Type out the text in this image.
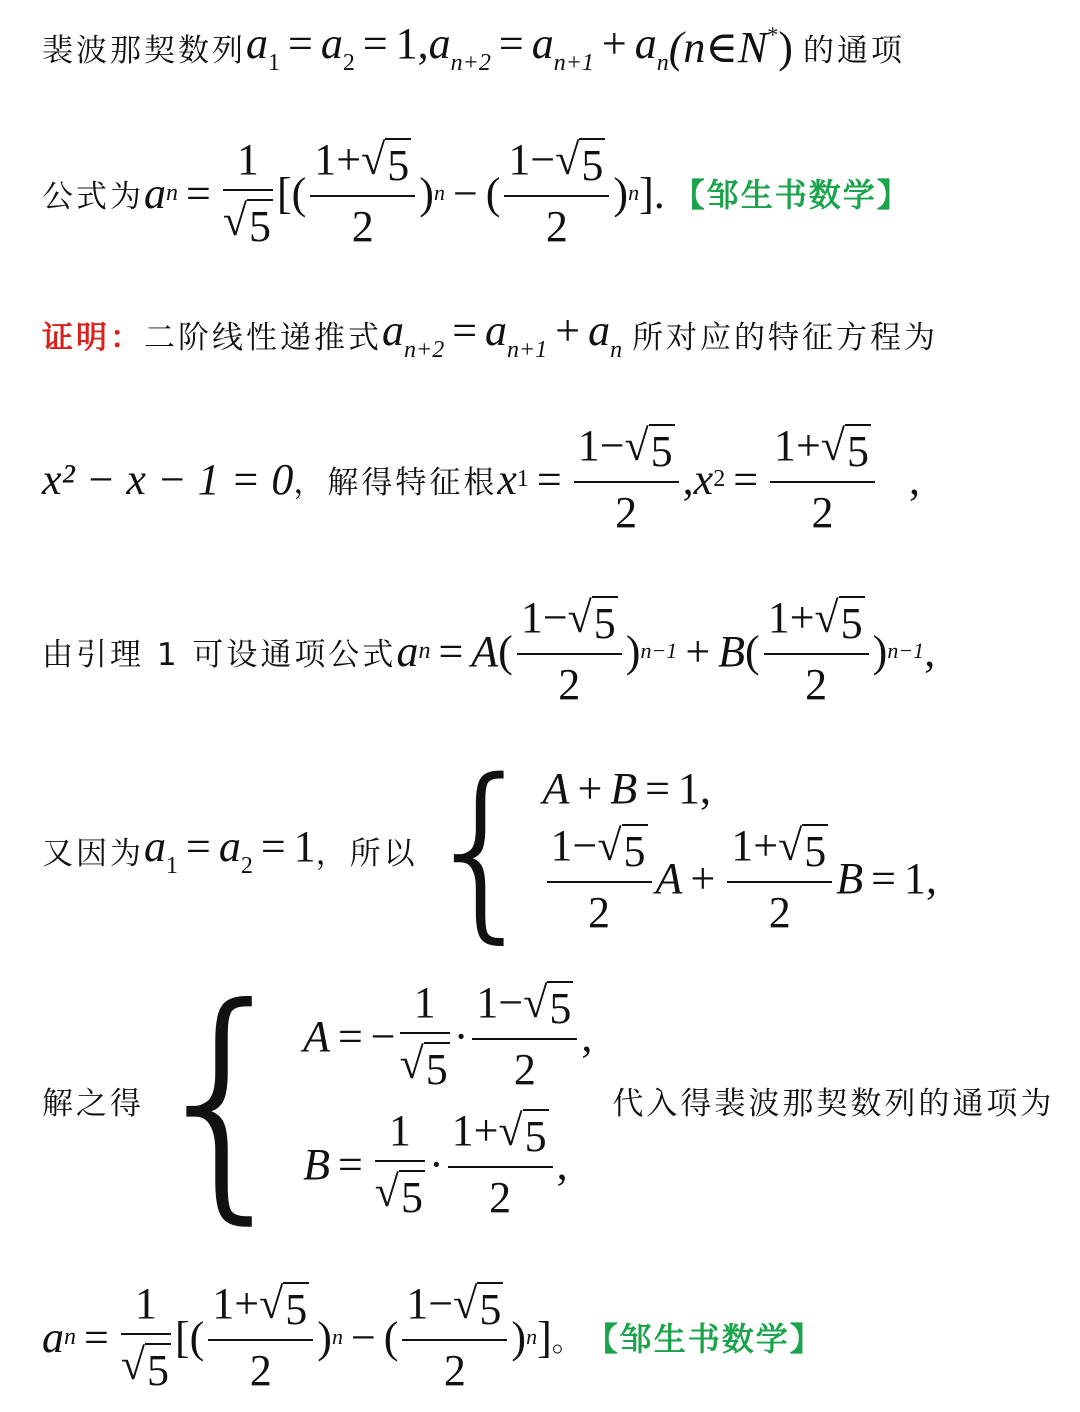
裴波那契数列 $a_1 = a_2 = 1,a_{n+2} = a_{n+1} + a_n$ (n∈N*) 的通项
公式为 a $n = \frac{1}{√ 5}$ [( $\frac{1+ √ 5}{2}$ ) n − ( $\frac{1- √ 5}{2}$ ) n ]. 【邹生书数学】
证明： 二阶线性递推式 $a_{n+2} = a_{n+1} + a_n$ 所对应的特征方程为
x² − x − 1 = 0 ，解得特征根 x $1 = \frac{1- √ 5}{2}$ , x $2 = \frac{1+ √ 5}{2}$ ,
由引理 1 可设通项公式 a n = A ( $\frac{1- √ 5}{2}$ ) n−1 + B ( $\frac{1+ √ 5}{2}$ ) n−1 ,
又因为 $a_1 = a_2 = 1$ ，所以 { A + B = 1,
$\frac{1- √ 5}{2}$ $A + \frac{1+ √ 5}{2}$ B = 1,
解之得 { A = − $\frac{1}{√ 5} \cdot \frac{1- √ 5}{2}$ ,
$B = \frac{1}{√ 5} \cdot \frac{1+ √ 5}{2}$ ,
代入得裴波那契数列的通项为
a $n = \frac{1}{√ 5}$ [( $\frac{1+ √ 5}{2}$ ) n − ( $\frac{1- √ 5}{2}$ ) n ] 。 【邹生书数学】
